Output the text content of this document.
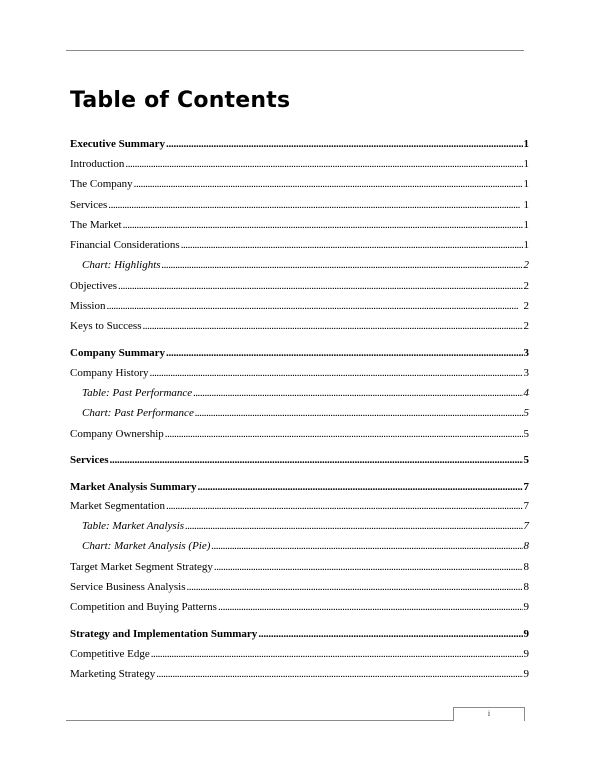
Table of Contents
Executive Summary . . .	1
Introduction . . .	1
The Company . . .	1
Services . . .	1
The Market . . .	1
Financial Considerations . . .	1
Chart: Highlights . . .	2
Objectives . . .	2
Mission . . .	2
Keys to Success . . .	2
Company Summary . . .	3
Company History . . .	3
Table: Past Performance . . .	4
Chart: Past Performance . . .	5
Company Ownership . . .	5
Services . . .	5
Market Analysis Summary . . .	7
Market Segmentation . . .	7
Table: Market Analysis . . .	7
Chart: Market Analysis (Pie) . . .	8
Target Market Segment Strategy . . .	8
Service Business Analysis . . .	8
Competition and Buying Patterns . . .	9
Strategy and Implementation Summary . . .	9
Competitive Edge . . .	9
Marketing Strategy . . .	9
i
